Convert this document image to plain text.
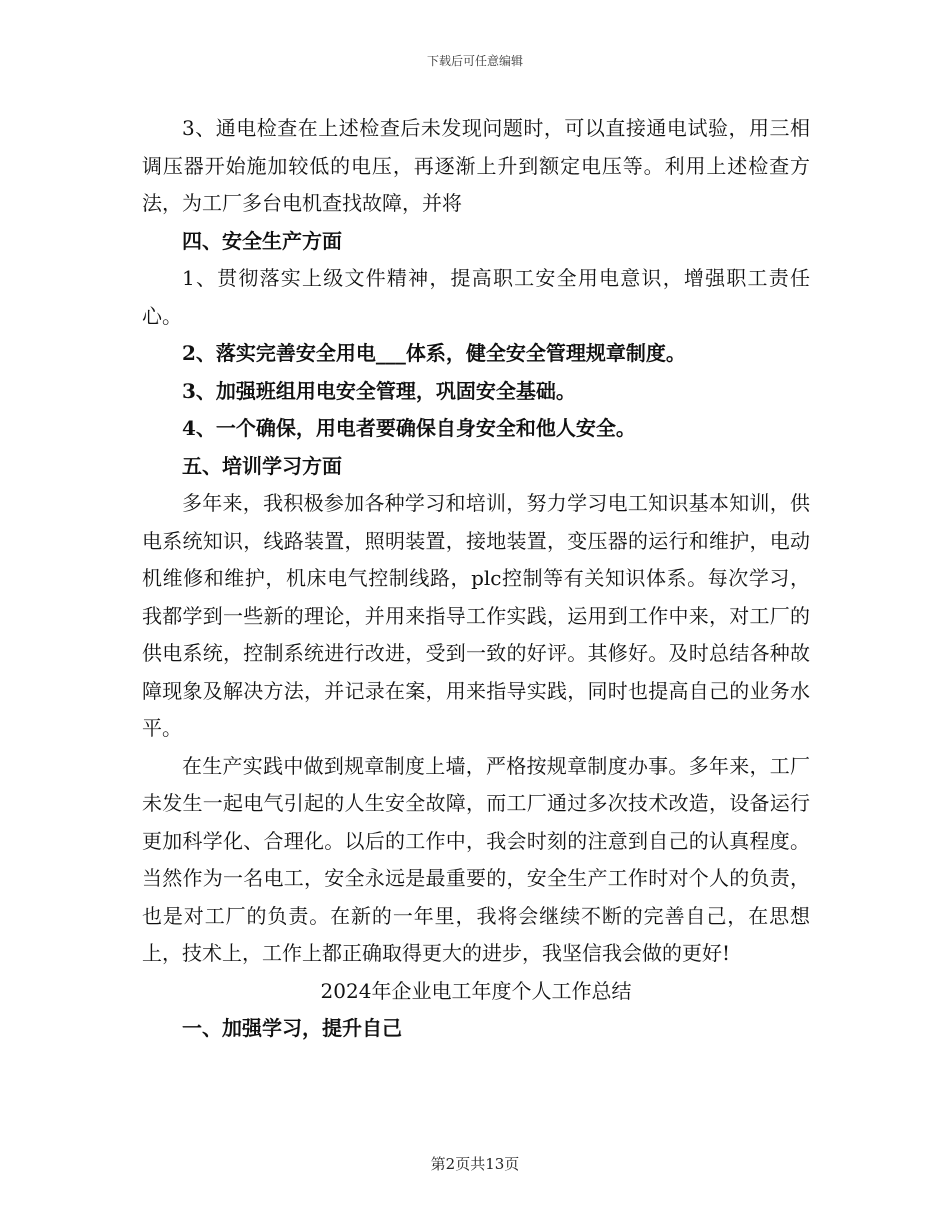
下载后可任意编辑

3、通电检查在上述检查后未发现问题时，可以直接通电试验，用三相调压器开始施加较低的电压，再逐渐上升到额定电压等。利用上述检查方法，为工厂多台电机查找故障，并将

四、安全生产方面

1、贯彻落实上级文件精神，提高职工安全用电意识，增强职工责任心。

2、落实完善安全用电___体系，健全安全管理规章制度。

3、加强班组用电安全管理，巩固安全基础。

4、一个确保，用电者要确保自身安全和他人安全。

五、培训学习方面

多年来，我积极参加各种学习和培训，努力学习电工知识基本知训，供电系统知识，线路装置，照明装置，接地装置，变压器的运行和维护，电动机维修和维护，机床电气控制线路，plc控制等有关知识体系。每次学习，我都学到一些新的理论，并用来指导工作实践，运用到工作中来，对工厂的供电系统，控制系统进行改进，受到一致的好评。其修好。及时总结各种故障现象及解决方法，并记录在案，用来指导实践，同时也提高自己的业务水平。

在生产实践中做到规章制度上墙，严格按规章制度办事。多年来，工厂未发生一起电气引起的人生安全故障，而工厂通过多次技术改造，设备运行更加科学化、合理化。以后的工作中，我会时刻的注意到自己的认真程度。当然作为一名电工，安全永远是最重要的，安全生产工作时对个人的负责，也是对工厂的负责。在新的一年里，我将会继续不断的完善自己，在思想上，技术上，工作上都正确取得更大的进步，我坚信我会做的更好!

2024年企业电工年度个人工作总结

一、加强学习，提升自己

第2页共13页
